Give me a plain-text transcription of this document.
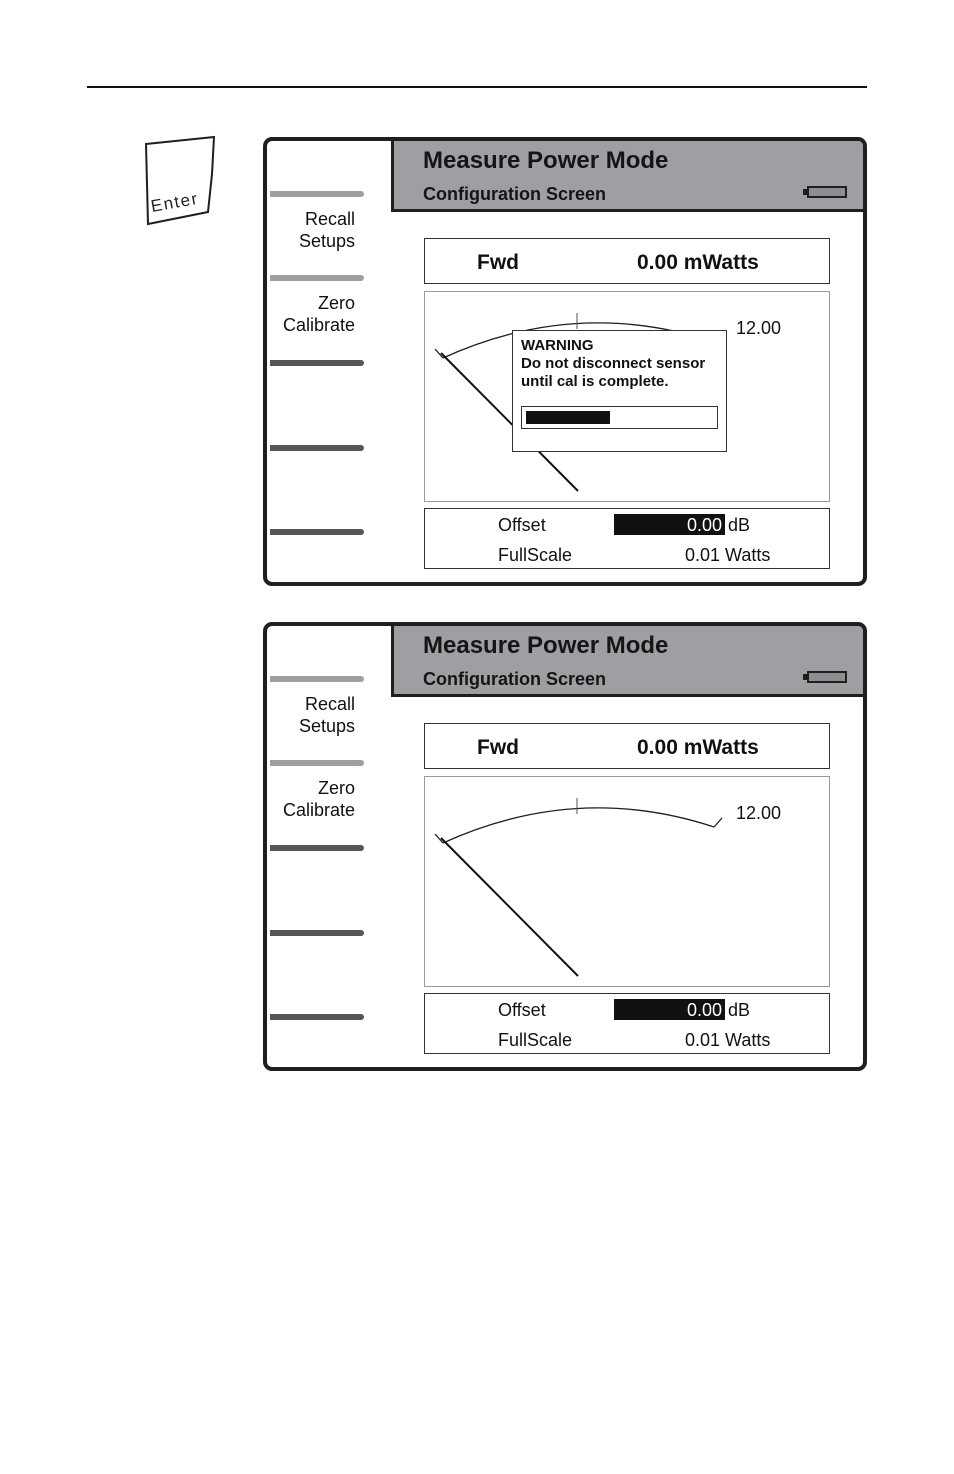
Enter
Measure Power Mode
Configuration Screen
Recall
Setups
Zero
Calibrate
Fwd	0.00 mWatts
12.00
WARNING
Do not disconnect sensor
until cal is complete.
Offset	0.00 dB
FullScale	0.01 Watts
Measure Power Mode
Configuration Screen
Recall
Setups
Zero
Calibrate
Fwd	0.00 mWatts
12.00
Offset	0.00 dB
FullScale	0.01 Watts
